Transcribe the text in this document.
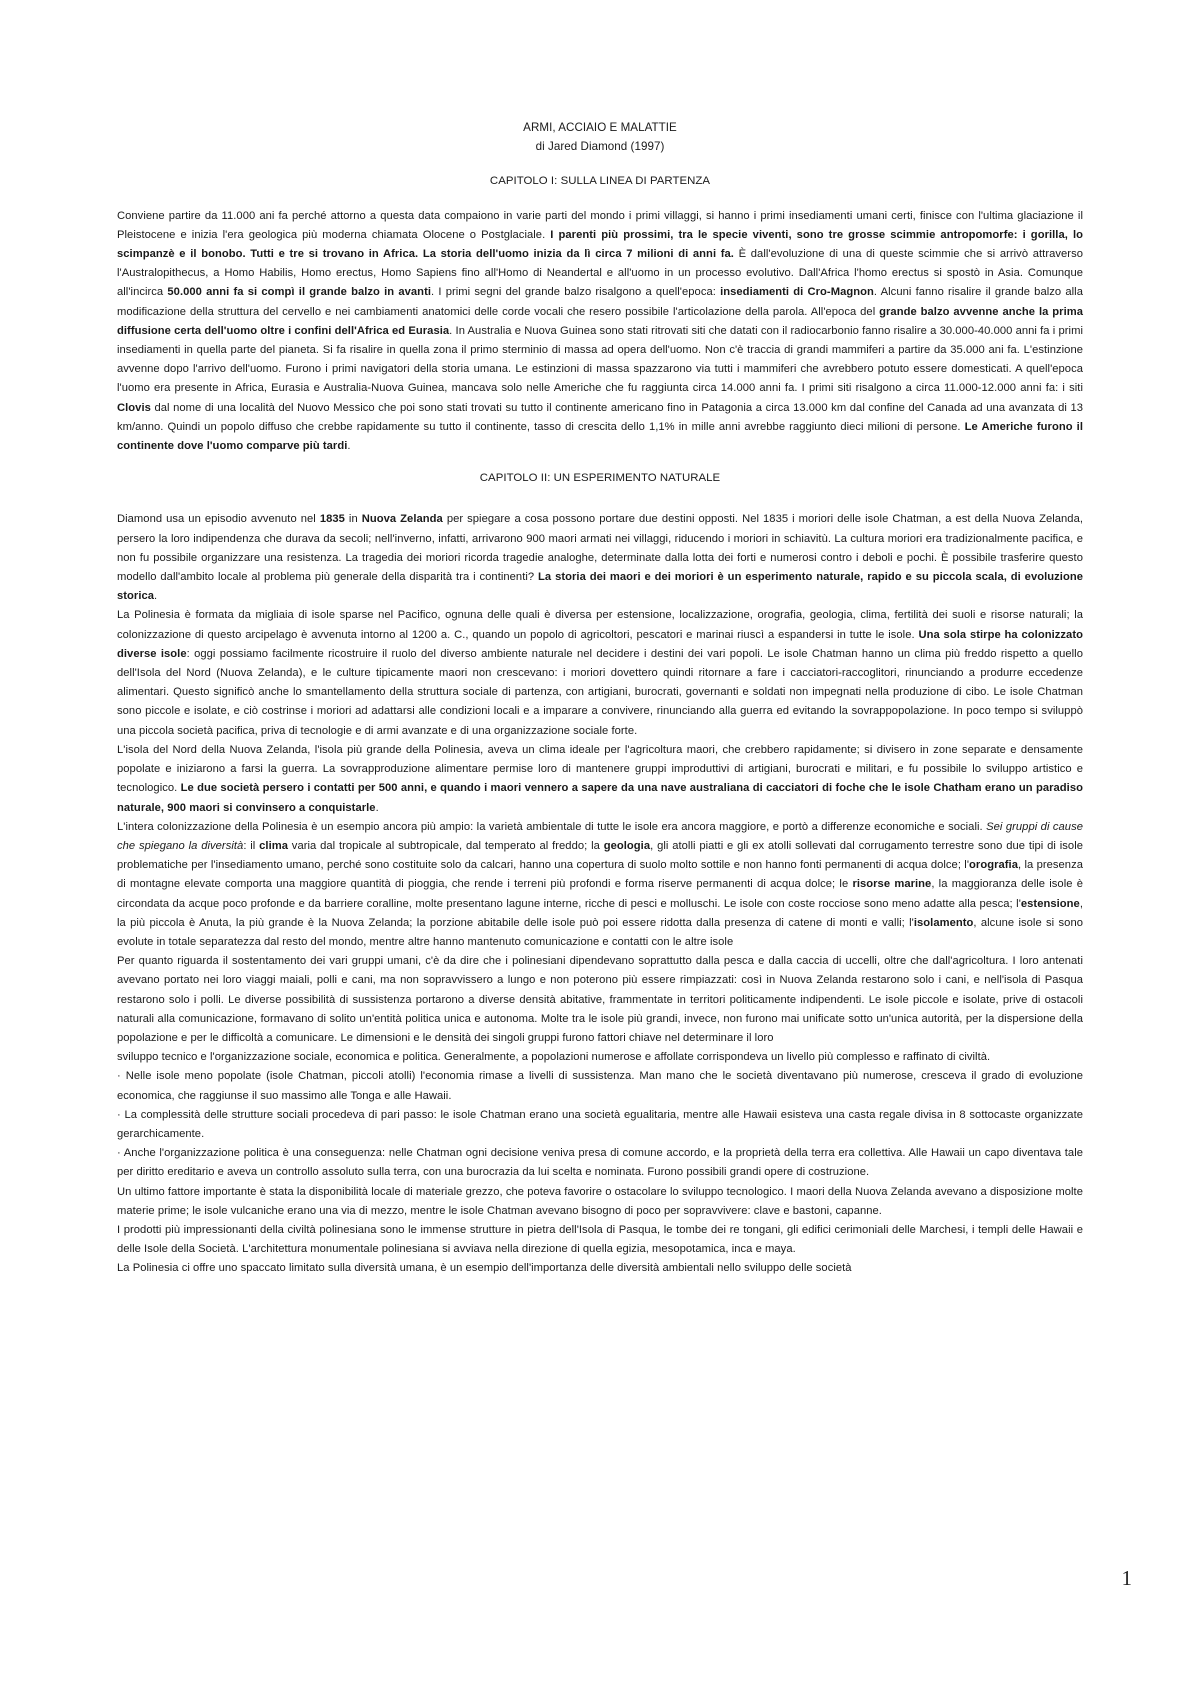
ARMI, ACCIAIO E MALATTIE

di Jared Diamond (1997)

CAPITOLO I: SULLA LINEA DI PARTENZA

Conviene partire da 11.000 ani fa perché attorno a questa data compaiono in varie parti del mondo i primi villaggi, si hanno i primi insediamenti umani certi, finisce con l'ultima glaciazione il Pleistocene e inizia l'era geologica più moderna chiamata Olocene o Postglaciale. I parenti più prossimi, tra le specie viventi, sono tre grosse scimmie antropomorfe: i gorilla, lo scimpanzè e il bonobo. Tutti e tre si trovano in Africa. La storia dell'uomo inizia da lì circa 7 milioni di anni fa. È dall'evoluzione di una di queste scimmie che si arrivò attraverso l'Australopithecus, a Homo Habilis, Homo erectus, Homo Sapiens fino all'Homo di Neandertal e all'uomo in un processo evolutivo. Dall'Africa l'homo erectus si spostò in Asia. Comunque all'incirca 50.000 anni fa si compì il grande balzo in avanti. I primi segni del grande balzo risalgono a quell'epoca: insediamenti di Cro-Magnon. Alcuni fanno risalire il grande balzo alla modificazione della struttura del cervello e nei cambiamenti anatomici delle corde vocali che resero possibile l'articolazione della parola. All'epoca del grande balzo avvenne anche la prima diffusione certa dell'uomo oltre i confini dell'Africa ed Eurasia. In Australia e Nuova Guinea sono stati ritrovati siti che datati con il radiocarbonio fanno risalire a 30.000-40.000 anni fa i primi insediamenti in quella parte del pianeta. Si fa risalire in quella zona il primo sterminio di massa ad opera dell'uomo. Non c'è traccia di grandi mammiferi a partire da 35.000 ani fa. L'estinzione avvenne dopo l'arrivo dell'uomo. Furono i primi navigatori della storia umana. Le estinzioni di massa spazzarono via tutti i mammiferi che avrebbero potuto essere domesticati. A quell'epoca l'uomo era presente in Africa, Eurasia e Australia-Nuova Guinea, mancava solo nelle Americhe che fu raggiunta circa 14.000 anni fa. I primi siti risalgono a circa 11.000-12.000 anni fa: i siti Clovis dal nome di una località del Nuovo Messico che poi sono stati trovati su tutto il continente americano fino in Patagonia a circa 13.000 km dal confine del Canada ad una avanzata di 13 km/anno. Quindi un popolo diffuso che crebbe rapidamente su tutto il continente, tasso di crescita dello 1,1% in mille anni avrebbe raggiunto dieci milioni di persone. Le Americhe furono il continente dove l'uomo comparve più tardi.

CAPITOLO II: UN ESPERIMENTO NATURALE

Diamond usa un episodio avvenuto nel 1835 in Nuova Zelanda per spiegare a cosa possono portare due destini opposti. Nel 1835 i moriori delle isole Chatman, a est della Nuova Zelanda, persero la loro indipendenza che durava da secoli; nell'inverno, infatti, arrivarono 900 maori armati nei villaggi, riducendo i moriori in schiavitù. La cultura moriori era tradizionalmente pacifica, e non fu possibile organizzare una resistenza. La tragedia dei moriori ricorda tragedie analoghe, determinate dalla lotta dei forti e numerosi contro i deboli e pochi. È possibile trasferire questo modello dall'ambito locale al problema più generale della disparità tra i continenti? La storia dei maori e dei moriori è un esperimento naturale, rapido e su piccola scala, di evoluzione storica.

La Polinesia è formata da migliaia di isole sparse nel Pacifico, ognuna delle quali è diversa per estensione, localizzazione, orografia, geologia, clima, fertilità dei suoli e risorse naturali; la colonizzazione di questo arcipelago è avvenuta intorno al 1200 a. C., quando un popolo di agricoltori, pescatori e marinai riuscì a espandersi in tutte le isole. Una sola stirpe ha colonizzato diverse isole: oggi possiamo facilmente ricostruire il ruolo del diverso ambiente naturale nel decidere i destini dei vari popoli. Le isole Chatman hanno un clima più freddo rispetto a quello dell'Isola del Nord (Nuova Zelanda), e le culture tipicamente maori non crescevano: i moriori dovettero quindi ritornare a fare i cacciatori-raccoglitori, rinunciando a produrre eccedenze alimentari. Questo significò anche lo smantellamento della struttura sociale di partenza, con artigiani, burocrati, governanti e soldati non impegnati nella produzione di cibo. Le isole Chatman sono piccole e isolate, e ciò costrinse i moriori ad adattarsi alle condizioni locali e a imparare a convivere, rinunciando alla guerra ed evitando la sovrappopolazione. In poco tempo si sviluppò una piccola società pacifica, priva di tecnologie e di armi avanzate e di una organizzazione sociale forte.

L'isola del Nord della Nuova Zelanda, l'isola più grande della Polinesia, aveva un clima ideale per l'agricoltura maori, che crebbero rapidamente; si divisero in zone separate e densamente popolate e iniziarono a farsi la guerra. La sovrapproduzione alimentare permise loro di mantenere gruppi improduttivi di artigiani, burocrati e militari, e fu possibile lo sviluppo artistico e tecnologico. Le due società persero i contatti per 500 anni, e quando i maori vennero a sapere da una nave australiana di cacciatori di foche che le isole Chatham erano un paradiso naturale, 900 maori si convinsero a conquistarle.

L'intera colonizzazione della Polinesia è un esempio ancora più ampio: la varietà ambientale di tutte le isole era ancora maggiore, e portò a differenze economiche e sociali. Sei gruppi di cause che spiegano la diversità: il clima varia dal tropicale al subtropicale, dal temperato al freddo; la geologia, gli atolli piatti e gli ex atolli sollevati dal corrugamento terrestre sono due tipi di isole problematiche per l'insediamento umano, perché sono costituite solo da calcari, hanno una copertura di suolo molto sottile e non hanno fonti permanenti di acqua dolce; l'orografia, la presenza di montagne elevate comporta una maggiore quantità di pioggia, che rende i terreni più profondi e forma riserve permanenti di acqua dolce; le risorse marine, la maggioranza delle isole è circondata da acque poco profonde e da barriere coralline, molte presentano lagune interne, ricche di pesci e molluschi. Le isole con coste rocciose sono meno adatte alla pesca; l'estensione, la più piccola è Anuta, la più grande è la Nuova Zelanda; la porzione abitabile delle isole può poi essere ridotta dalla presenza di catene di monti e valli; l'isolamento, alcune isole si sono evolute in totale separatezza dal resto del mondo, mentre altre hanno mantenuto comunicazione e contatti con le altre isole

Per quanto riguarda il sostentamento dei vari gruppi umani, c'è da dire che i polinesiani dipendevano soprattutto dalla pesca e dalla caccia di uccelli, oltre che dall'agricoltura. I loro antenati avevano portato nei loro viaggi maiali, polli e cani, ma non sopravvissero a lungo e non poterono più essere rimpiazzati: così in Nuova Zelanda restarono solo i cani, e nell'isola di Pasqua restarono solo i polli. Le diverse possibilità di sussistenza portarono a diverse densità abitative, frammentate in territori politicamente indipendenti. Le isole piccole e isolate, prive di ostacoli naturali alla comunicazione, formavano di solito un'entità politica unica e autonoma. Molte tra le isole più grandi, invece, non furono mai unificate sotto un'unica autorità, per la dispersione della popolazione e per le difficoltà a comunicare. Le dimensioni e le densità dei singoli gruppi furono fattori chiave nel determinare il loro

sviluppo tecnico e l'organizzazione sociale, economica e politica. Generalmente, a popolazioni numerose e affollate corrispondeva un livello più complesso e raffinato di civiltà.

· Nelle isole meno popolate (isole Chatman, piccoli atolli) l'economia rimase a livelli di sussistenza. Man mano che le società diventavano più numerose, cresceva il grado di evoluzione economica, che raggiunse il suo massimo alle Tonga e alle Hawaii.

· La complessità delle strutture sociali procedeva di pari passo: le isole Chatman erano una società egualitaria, mentre alle Hawaii esisteva una casta regale divisa in 8 sottocaste organizzate gerarchicamente.

· Anche l'organizzazione politica è una conseguenza: nelle Chatman ogni decisione veniva presa di comune accordo, e la proprietà della terra era collettiva. Alle Hawaii un capo diventava tale per diritto ereditario e aveva un controllo assoluto sulla terra, con una burocrazia da lui scelta e nominata. Furono possibili grandi opere di costruzione.

Un ultimo fattore importante è stata la disponibilità locale di materiale grezzo, che poteva favorire o ostacolare lo sviluppo tecnologico. I maori della Nuova Zelanda avevano a disposizione molte materie prime; le isole vulcaniche erano una via di mezzo, mentre le isole Chatman avevano bisogno di poco per sopravvivere: clave e bastoni, capanne.

I prodotti più impressionanti della civiltà polinesiana sono le immense strutture in pietra dell'Isola di Pasqua, le tombe dei re tongani, gli edifici cerimoniali delle Marchesi, i templi delle Hawaii e delle Isole della Società. L'architettura monumentale polinesiana si avviava nella direzione di quella egizia, mesopotamica, inca e maya.

La Polinesia ci offre uno spaccato limitato sulla diversità umana, è un esempio dell'importanza delle diversità ambientali nello sviluppo delle società

1
